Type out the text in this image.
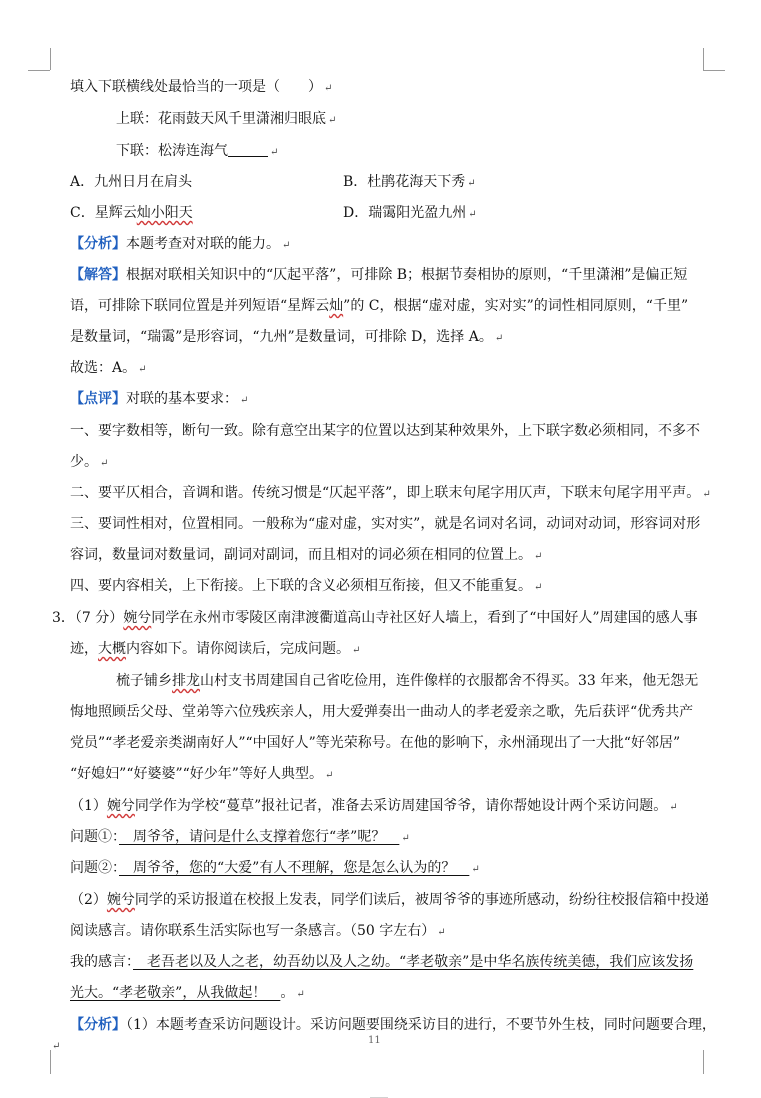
填入下联横线处最恰当的一项是（　　） ↵
上联：花雨鼓天风千里潇湘归眼底 ↵
下联：松涛连海气	↵
A．九州日月在肩头	B．杜鹃花海天下秀 ↵
C．星辉云灿小阳天	D．瑞霭阳光盈九州 ↵
【分析】本题考查对对联的能力。 ↵
【解答】根据对联相关知识中的“仄起平落”，可排除 B；根据节奏相协的原则，“千里潇湘”是偏正短
语，可排除下联同位置是并列短语“星辉云灿”的 C，根据“虚对虚，实对实”的词性相同原则，“千里”
是数量词，“瑞霭”是形容词，“九州”是数量词，可排除 D，选择 A。 ↵
故选：A。 ↵
【点评】对联的基本要求： ↵
一、要字数相等，断句一致。除有意空出某字的位置以达到某种效果外，上下联字数必须相同，不多不
少。 ↵
二、要平仄相合，音调和谐。传统习惯是“仄起平落”，即上联末句尾字用仄声，下联末句尾字用平声。 ↵
三、要词性相对，位置相同。一般称为“虚对虚，实对实”，就是名词对名词，动词对动词，形容词对形
容词，数量词对数量词，副词对副词，而且相对的词必须在相同的位置上。 ↵
四、要内容相关，上下衔接。上下联的含义必须相互衔接，但又不能重复。 ↵
3．（7 分）婉兮同学在永州市零陵区南津渡衢道高山寺社区好人墙上，看到了“中国好人”周建国的感人事
迹，大概内容如下。请你阅读后，完成问题。 ↵
梳子铺乡排龙山村支书周建国自己省吃俭用，连件像样的衣服都舍不得买。33 年来，他无怨无
悔地照顾岳父母、堂弟等六位残疾亲人，用大爱弹奏出一曲动人的孝老爱亲之歌，先后获评“优秀共产
党员”“孝老爱亲类湖南好人”“中国好人”等光荣称号。在他的影响下，永州涌现出了一大批“好邻居”
“好媳妇”“好婆婆”“好少年”等好人典型。 ↵
（1）婉兮同学作为学校“蔓草”报社记者，准备去采访周建国爷爷，请你帮她设计两个采访问题。 ↵
问题①：　周爷爷，请问是什么支撑着您行“孝”呢？　↵
问题②：　周爷爷，您的“大爱”有人不理解，您是怎么认为的？　↵
（2）婉兮同学的采访报道在校报上发表，同学们读后，被周爷爷的事迹所感动，纷纷往校报信箱中投递
阅读感言。请你联系生活实际也写一条感言。（50 字左右） ↵
我的感言：　老吾老以及人之老，幼吾幼以及人之幼。“孝老敬亲”是中华名族传统美德，我们应该发扬
光大。“孝老敬亲”，从我做起！　。 ↵
【分析】（1）本题考查采访问题设计。采访问题要围绕采访目的进行，不要节外生枝，同时问题要合理，
↵
11
____
